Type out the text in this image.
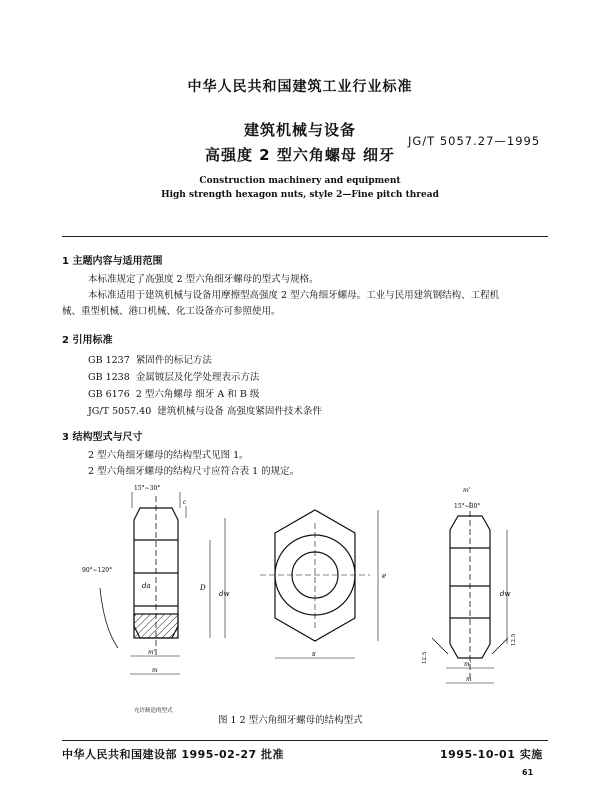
中华人民共和国建筑工业行业标准
建筑机械与设备
高强度 2 型六角螺母 细牙
JG/T 5057.27—1995
Construction machinery and equipment
High strength hexagon nuts, style 2—Fine pitch thread
1 主题内容与适用范围
本标准规定了高强度 2 型六角细牙螺母的型式与规格。
本标准适用于建筑机械与设备用摩擦型高强度 2 型六角细牙螺母。工业与民用建筑钢结构、工程机
械、重型机械、港口机械、化工设备亦可参照使用。
2 引用标准
GB 1237 紧固件的标记方法
GB 1238 金属镀层及化学处理表示方法
GB 6176 2 型六角螺母 细牙 A 和 B 级
JG/T 5057.40 建筑机械与设备 高强度紧固件技术条件
3 结构型式与尺寸
2 型六角细牙螺母的结构型式见图 1。
2 型六角细牙螺母的结构尺寸应符合表 1 的规定。
15°~30°
c
90°~120°
D
dw
da
m'
m
e
s
m'
15°~30°
dw
m'
m
12.5
12.5
允许制造的型式
图 1 2 型六角细牙螺母的结构型式
中华人民共和国建设部 1995-02-27 批准	1995-10-01 实施
61
